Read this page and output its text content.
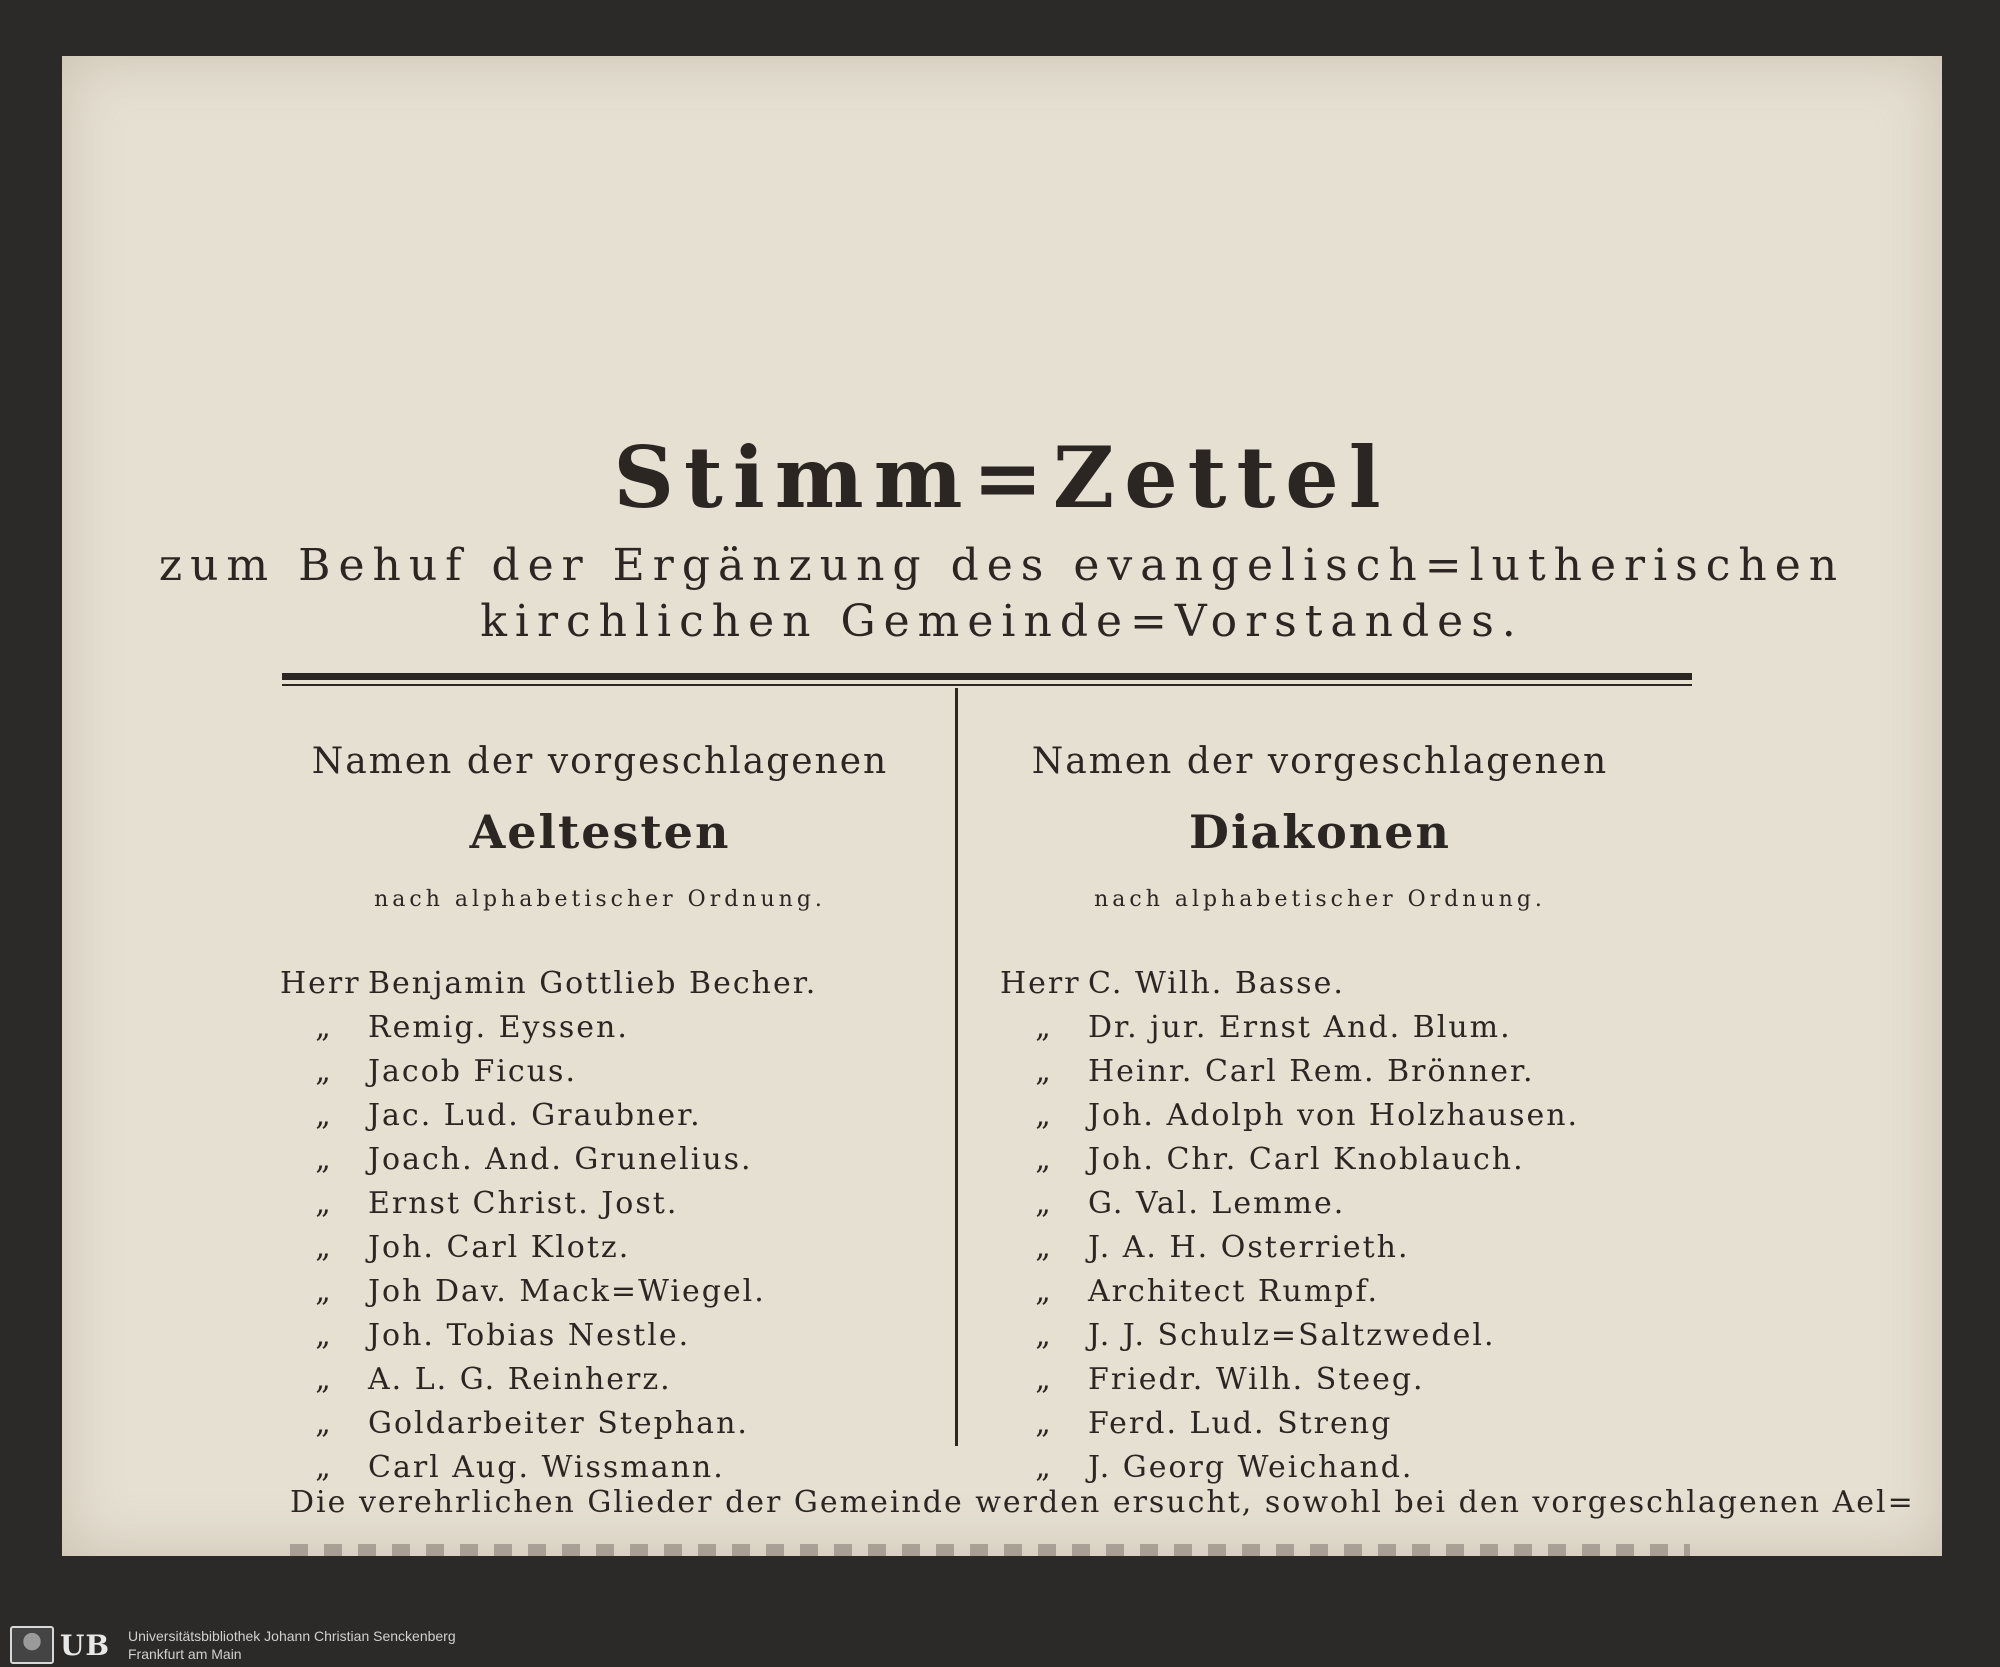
Stimm=Zettel
zum Behuf der Ergänzung des evangelisch=lutherischen
kirchlichen Gemeinde=Vorstandes.
Namen der vorgeschlagenen
Aeltesten
nach alphabetischer Ordnung.
Herr Benjamin Gottlieb Becher.
„	Remig. Eyssen.
„	Jacob Ficus.
„	Jac. Lud. Graubner.
„	Joach. And. Grunelius.
„	Ernst Christ. Jost.
„	Joh. Carl Klotz.
„	Joh Dav. Mack=Wiegel.
„	Joh. Tobias Nestle.
„	A. L. G. Reinherz.
„	Goldarbeiter Stephan.
„	Carl Aug. Wissmann.
Namen der vorgeschlagenen
Diakonen
nach alphabetischer Ordnung.
Herr C. Wilh. Basse.
„	Dr. jur. Ernst And. Blum.
„	Heinr. Carl Rem. Brönner.
„	Joh. Adolph von Holzhausen.
„	Joh. Chr. Carl Knoblauch.
„	G. Val. Lemme.
„	J. A. H. Osterrieth.
„	Architect Rumpf.
„	J. J. Schulz=Saltzwedel.
„	Friedr. Wilh. Steeg.
„	Ferd. Lud. Streng
„	J. Georg Weichand.
Die verehrlichen Glieder der Gemeinde werden ersucht, sowohl bei den vorgeschlagenen Ael=
UB Universitätsbibliothek Johann Christian Senckenberg
Frankfurt am Main
